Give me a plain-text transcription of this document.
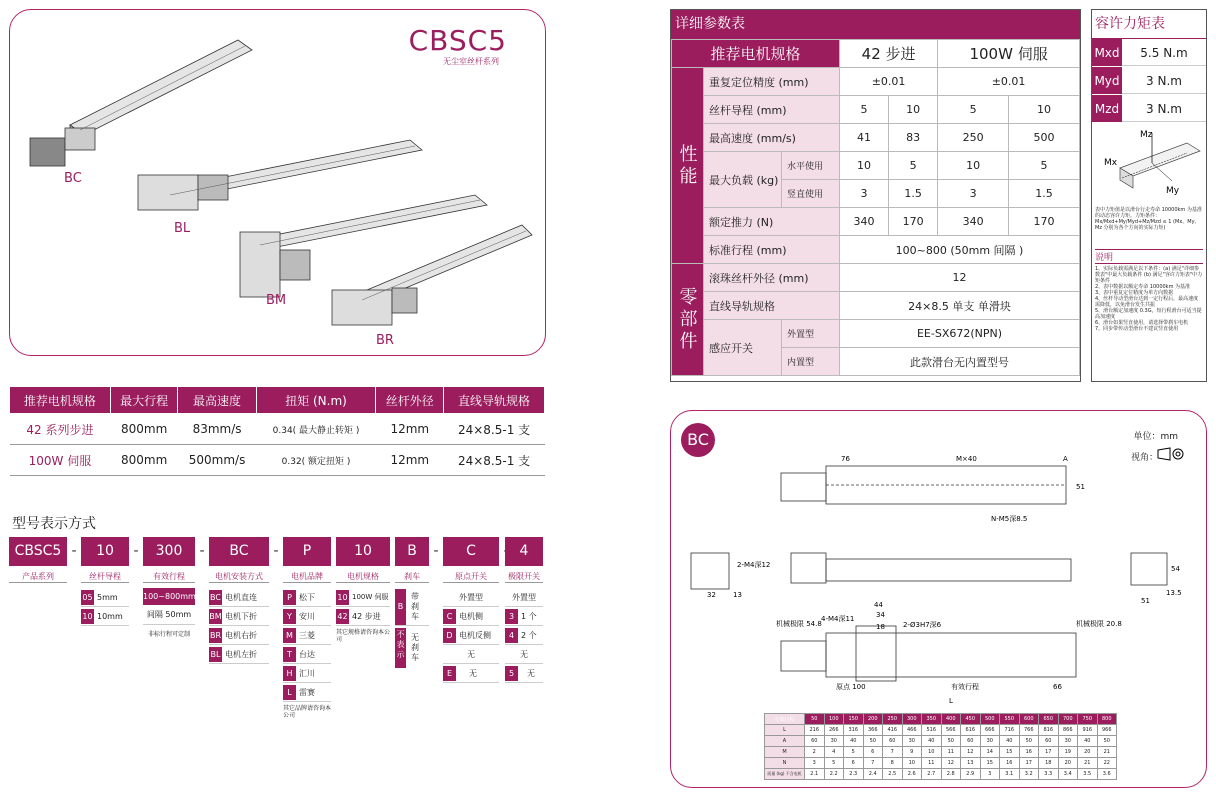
CBSC5
无尘室丝杆系列
BC
BL
BM
BR
推荐电机规格	最大行程	最高速度	扭矩 (N.m)	丝杆外径	直线导轨规格
42 系列步进	800mm	83mm/s	0.34( 最大静止转矩 )	12mm	24×8.5-1 支
100W 伺服	800mm	500mm/s	0.32( 额定扭矩 )	12mm	24×8.5-1 支
型号表示方式
CBSC5 -	10	-	300	-	BC	-	P	10	B	-	C	4
产品系列	丝杆导程	有效行程	电机安装方式	电机品牌	电机规格	刹车	原点开关	极限开关
05 5mm
10 10mm
100~800mm
间隔 50mm
非标行程可定制
BC 电机直连
BM 电机下折
BR 电机右折
BL 电机左折
P 松下
Y 安川
M 三菱
T 台达
H 汇川
L 雷赛
其它品牌请咨询本公司
10 100W 伺服
42 42 步进
其它规格请咨询本公司
B
带刹车
不表示
无刹车
外置型
C 电机侧
D 电机反侧
无
E	无
外置型
3 1 个
4 2 个
无
5	无
详细参数表
推荐电机规格			42 步进		100W 伺服	

性能	重复定位精度 (mm)		±0.01		±0.01	
	丝杆导程 (mm)		5	10	5	10
	最高速度 (mm/s)		41	83	250	500
	最大负载 (kg)	水平使用	10	5	10	5
		竖直使用	3	1.5	3	1.5
	额定推力 (N)		340	170	340	170
	标准行程 (mm)		100~800 (50mm 间隔 )			

零部件	滚珠丝杆外径 (mm)		12			
	直线导轨规格		24×8.5 单支 单滑块			
	感应开关	外置型	EE-SX672(NPN)			
		内置型	此款滑台无内置型号			
容许力矩表
Mxd	5.5 N.m
Myd	3 N.m
Mzd	3 N.m
Mz
Mx
My
表中力矩值是以滑台行走寿命 10000km 为基准的动态容许力矩。力矩条件：Mx/Mxd+My/Myd+Mz/Mzd ≤ 1 (Mx、My、Mz 分别为各个方向的实际力矩)
说明
1、实际负载需满足以下条件：(a) 满足"详细参数表"中最大负载条件 (b) 满足"容许力矩表"中力矩条件
2、表中数据以额定寿命 10000km 为基准
3、表中重复定位精度为单方向数据
4、丝杆导动型滑台达到一定行程后，最高速度需降低，以免滑台发生共振
5、滑台额定加速度 0.3G，短行程滑台可适当提高加速度
6、滑台如果竖直使用，请选择带刹车电机
7、同步带传动型滑台不建议竖直使用
BC	单位：mm
视角：
76	M×40	A
51
N-M5深8.5
2-M4深12
32 13
54
51
13.5
44
4-M4深11	34
18	2-Ø3H7深6
机械极限 54.8	机械极限 20.8
原点 100	有效行程	66
L
有效行程	50	100	150	200	250	300	350	400	450	500	550	600	650	700	750	800
L	216	266	316	366	416	466	516	566	616	666	716	766	816	866	916	966
A	60	30	40	50	60	30	40	50	60	30	40	50	60	30	40	50
M	2	4	5	6	7	9	10	11	12	14	15	16	17	19	20	21
N	3	5	6	7	8	10	11	12	13	15	16	17	18	20	21	22
质量 (kg) 不含电机	2.1	2.2	2.3	2.4	2.5	2.6	2.7	2.8	2.9	3	3.1	3.2	3.3	3.4	3.5	3.6
